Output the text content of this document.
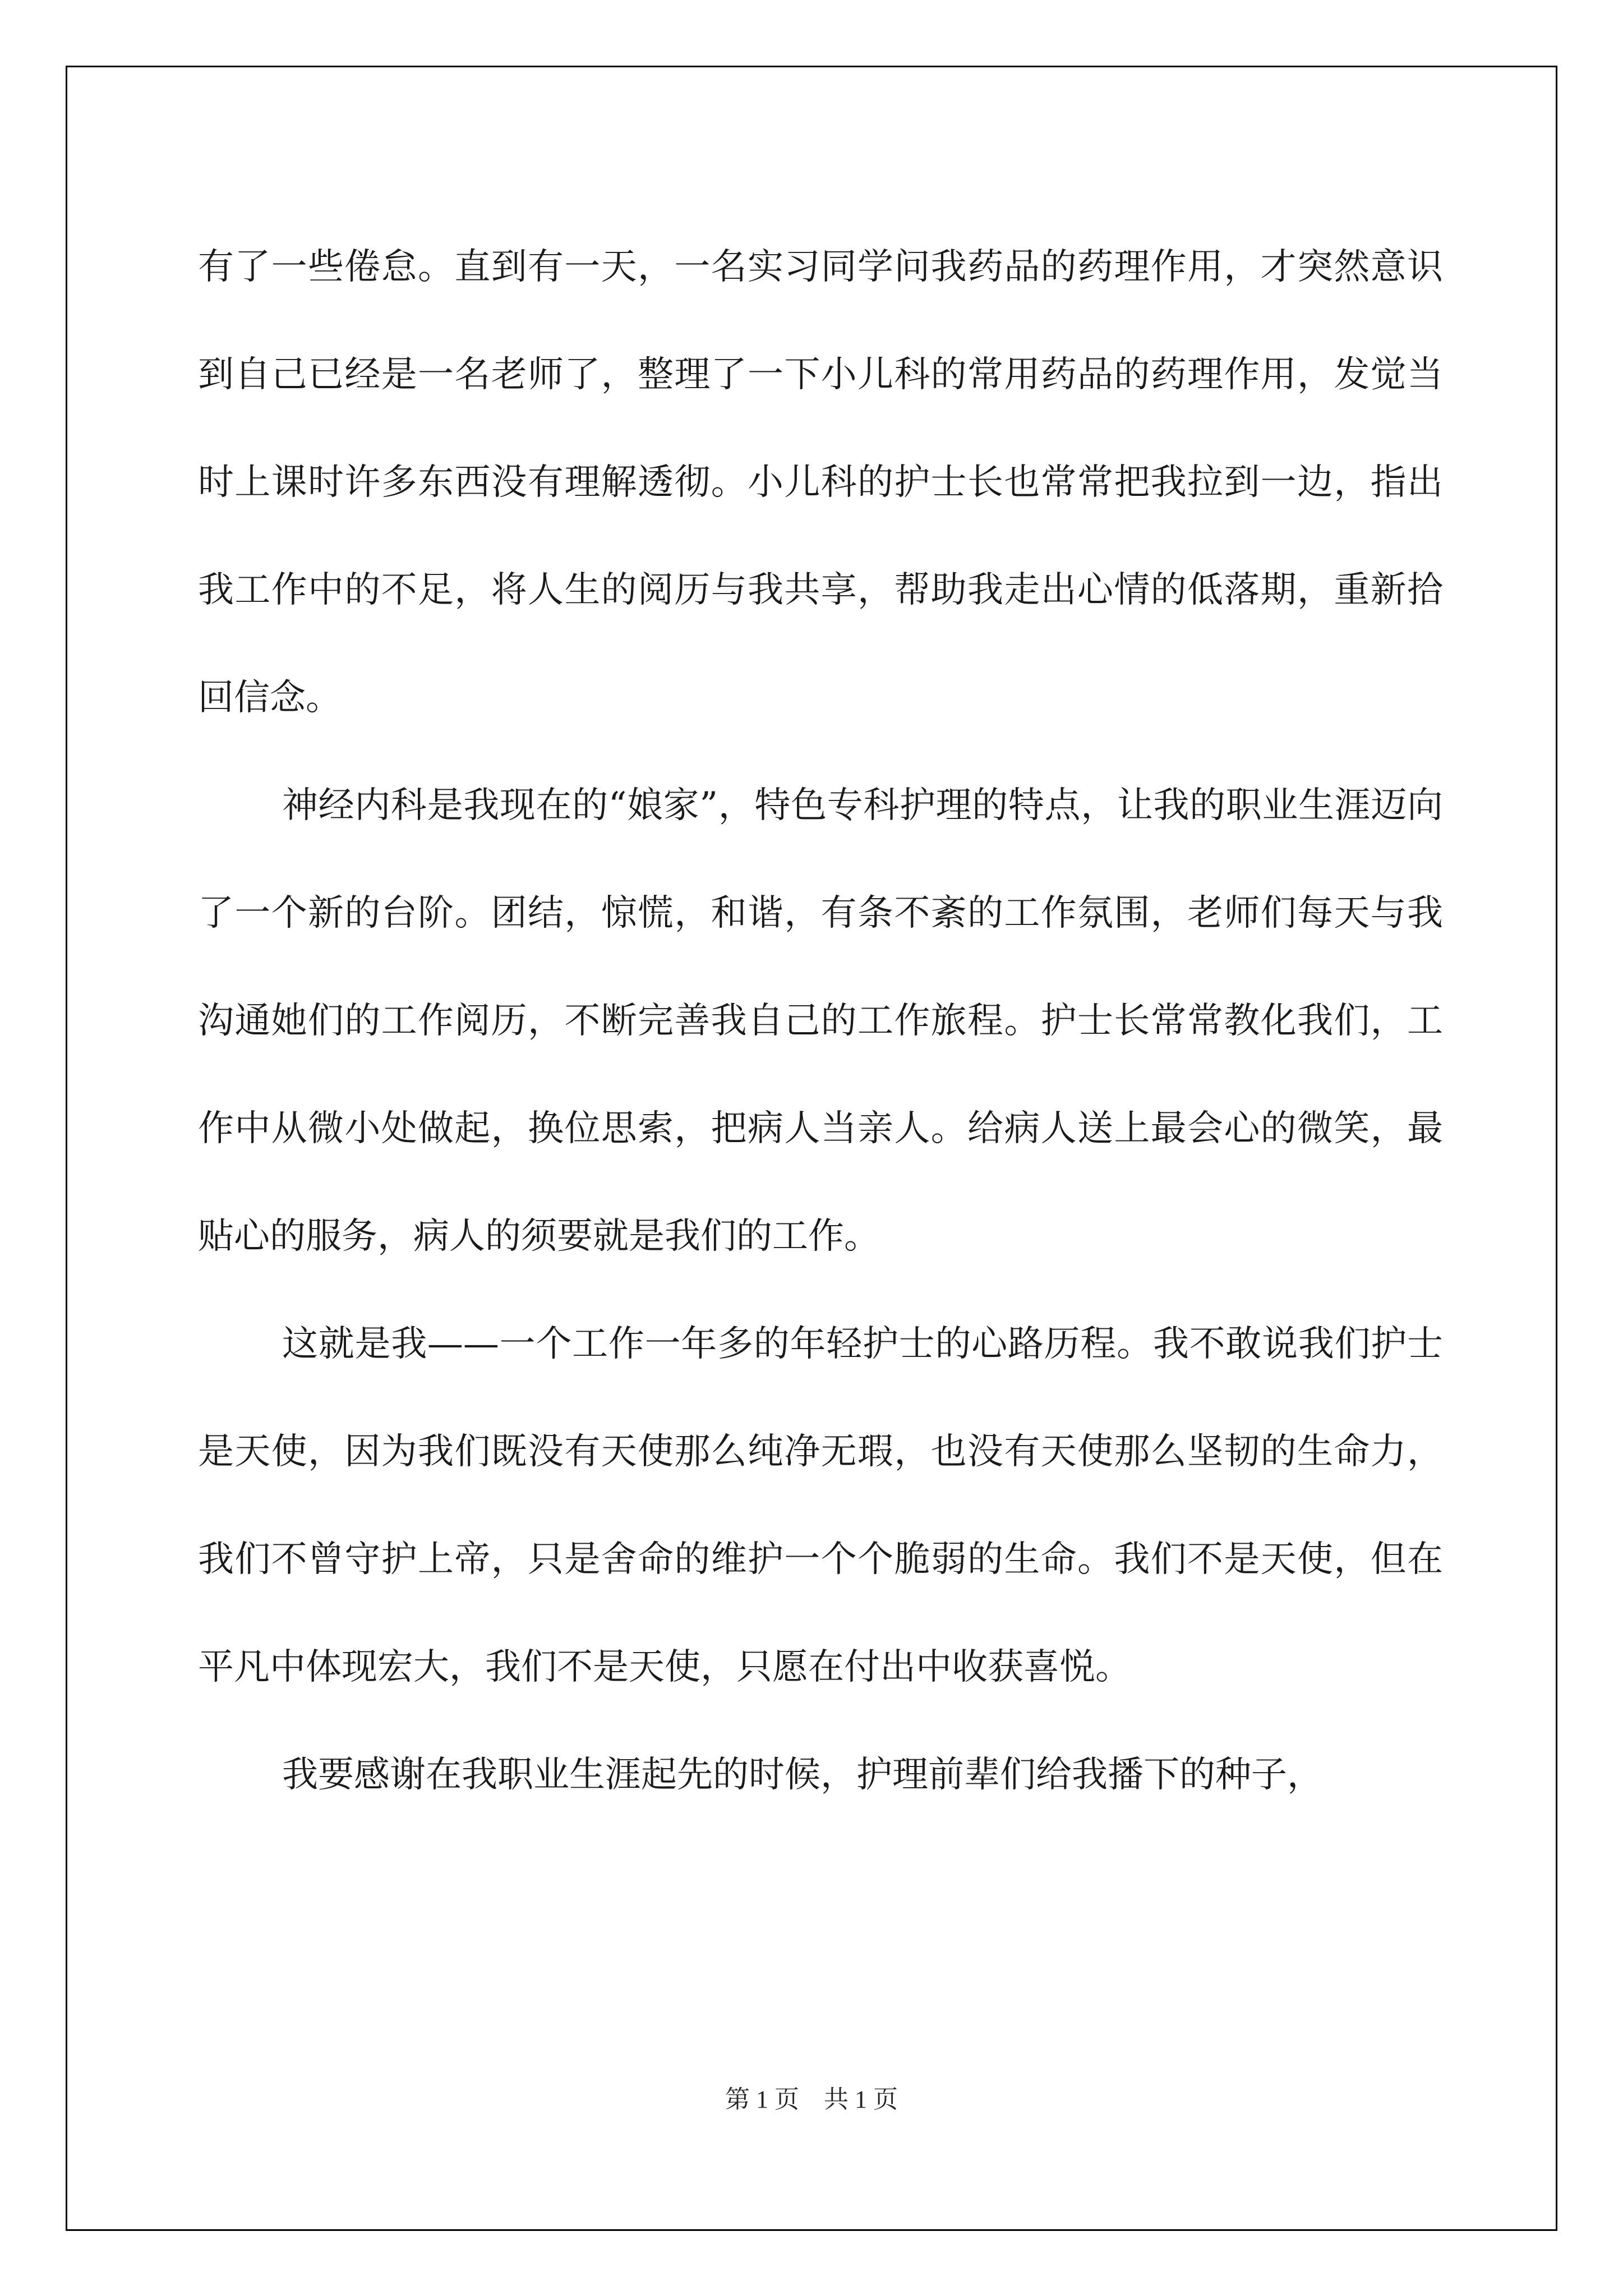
有了一些倦怠。直到有一天，一名实习同学问我药品的药理作用，才突然意识到自己已经是一名老师了，整理了一下小儿科的常用药品的药理作用，发觉当时上课时许多东西没有理解透彻。小儿科的护士长也常常把我拉到一边，指出我工作中的不足，将人生的阅历与我共享，帮助我走出心情的低落期，重新拾回信念。

神经内科是我现在的“娘家”，特色专科护理的特点，让我的职业生涯迈向了一个新的台阶。团结，惊慌，和谐，有条不紊的工作氛围，老师们每天与我沟通她们的工作阅历，不断完善我自己的工作旅程。护士长常常教化我们，工作中从微小处做起，换位思索，把病人当亲人。给病人送上最会心的微笑，最贴心的服务，病人的须要就是我们的工作。

这就是我——一个工作一年多的年轻护士的心路历程。我不敢说我们护士是天使，因为我们既没有天使那么纯净无瑕，也没有天使那么坚韧的生命力，我们不曾守护上帝，只是舍命的维护一个个脆弱的生命。我们不是天使，但在平凡中体现宏大，我们不是天使，只愿在付出中收获喜悦。

我要感谢在我职业生涯起先的时候，护理前辈们给我播下的种子，

第 1 页　共 1 页
